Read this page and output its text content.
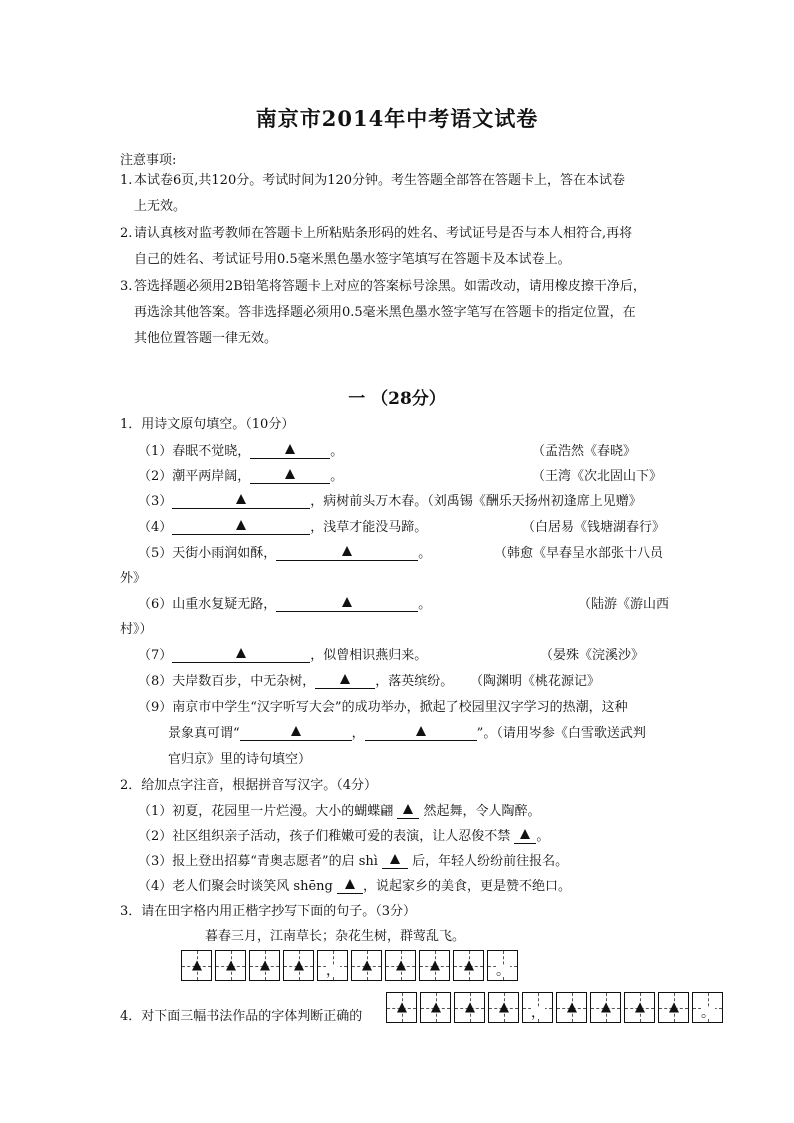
南京市2014年中考语文试卷
注意事项:
1. 本试卷6页,共120分。考试时间为120分钟。考生答题全部答在答题卡上，答在本试卷
上无效。
2. 请认真核对监考教师在答题卡上所粘贴条形码的姓名、考试证号是否与本人相符合,再将
自己的姓名、考试证号用0.5毫米黑色墨水签字笔填写在答题卡及本试卷上。
3. 答选择题必须用2B铅笔将答题卡上对应的答案标号涂黑。如需改动，请用橡皮擦干净后，
再选涂其他答案。答非选择题必须用0.5毫米黑色墨水签字笔写在答题卡的指定位置，在
其他位置答题一律无效。
一 （28分）
1．用诗文原句填空。（10分）
（1）春眠不觉晓，	。	（孟浩然《春晓》
（2）潮平两岸阔，	。	（王湾《次北固山下》
（3）	，病树前头万木春。（刘禹锡《酬乐天扬州初逢席上见赠》
（4）	，浅草才能没马蹄。	（白居易《钱塘湖春行》
（5）天街小雨润如酥，	。	（韩愈《早春呈水部张十八员
外》
（6）山重水复疑无路，	。	（陆游《游山西
村》）
（7）	，似曾相识燕归来。	（晏殊《浣溪沙》
（8）夫岸数百步，中无杂树，	，落英缤纷。 （陶渊明《桃花源记》
（9）南京市中学生“汉字听写大会”的成功举办，掀起了校园里汉字学习的热潮，这种
景象真可谓“	，	”。（请用岑参《白雪歌送武判
官归京》里的诗句填空）
2．给加点字注音，根据拼音写汉字。（4分）
（1）初夏，花园里一片烂漫。大小的蝴蝶翩  然起舞，令人陶醉。
（2）社区组织亲子活动，孩子们稚嫩可爱的表演，让人忍俊不禁 。
（3）报上登出招募“青奥志愿者”的启 shì  后，年轻人纷纷前往报名。
（4）老人们聚会时谈笑风 shēng ，说起家乡的美食，更是赞不绝口。
3．请在田字格内用正楷字抄写下面的句子。（3分）
暮春三月，江南草长；杂花生树，群莺乱飞。
，	。
4．对下面三幅书法作品的字体判断正确的	，	。
